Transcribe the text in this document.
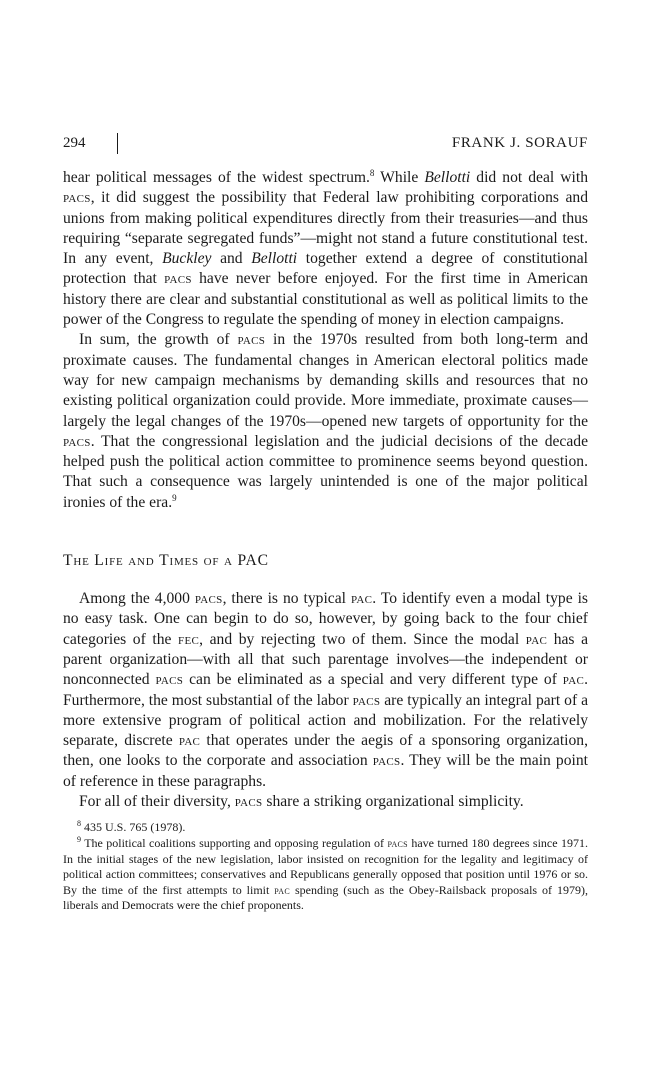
294	FRANK J. SORAUF

hear political messages of the widest spectrum.$^8$ While Bellotti did not deal with pacs, it did suggest the possibility that Federal law prohibiting corporations and unions from making political expenditures directly from their treasuries—and thus requiring “separate segregated funds”—might not stand a future constitutional test. In any event, Buckley and Bellotti together extend a degree of constitutional protection that pacs have never before enjoyed. For the first time in American history there are clear and substantial constitutional as well as political limits to the power of the Congress to regulate the spending of money in election campaigns.

In sum, the growth of pacs in the 1970s resulted from both long-term and proximate causes. The fundamental changes in American electoral politics made way for new campaign mechanisms by demanding skills and resources that no existing political organization could provide. More immediate, proximate causes—largely the legal changes of the 1970s—opened new targets of opportunity for the pacs. That the congressional legislation and the judicial decisions of the decade helped push the political action committee to prominence seems beyond question. That such a consequence was largely unintended is one of the major political ironies of the era.$^9$

The Life and Times of a PAC

Among the 4,000 pacs, there is no typical pac. To identify even a modal type is no easy task. One can begin to do so, however, by going back to the four chief categories of the fec, and by rejecting two of them. Since the modal pac has a parent organization—with all that such parentage involves—the independent or nonconnected pacs can be eliminated as a special and very different type of pac. Furthermore, the most substantial of the labor pacs are typically an integral part of a more extensive program of political action and mobilization. For the relatively separate, discrete pac that operates under the aegis of a sponsoring organization, then, one looks to the corporate and association pacs. They will be the main point of reference in these paragraphs.

For all of their diversity, pacs share a striking organizational simplicity.

$^8$ 435 U.S. 765 (1978).

$^9$ The political coalitions supporting and opposing regulation of pacs have turned 180 degrees since 1971. In the initial stages of the new legislation, labor insisted on recognition for the legality and legitimacy of political action committees; conservatives and Republicans generally opposed that position until 1976 or so. By the time of the first attempts to limit pac spending (such as the Obey-Railsback proposals of 1979), liberals and Democrats were the chief proponents.
